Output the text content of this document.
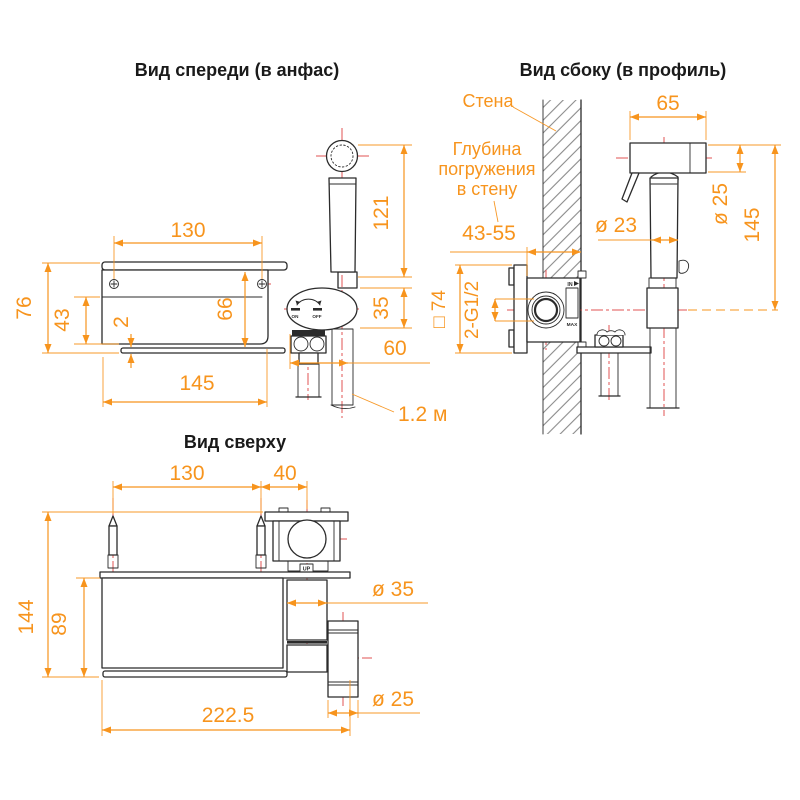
Вид спереди (в анфас)
ON	OFF
130
76
43 2
66
145
121
35
60
1.2 м
Вид сбоку (в профиль)
IN
MAX
Стена
Глубина
погружения
в стену
43-55
□ 74 2-G1/2
65
ø 23
ø 25 145
Вид сверху
UP
130	40
144 89
ø 35
ø 25
222.5
